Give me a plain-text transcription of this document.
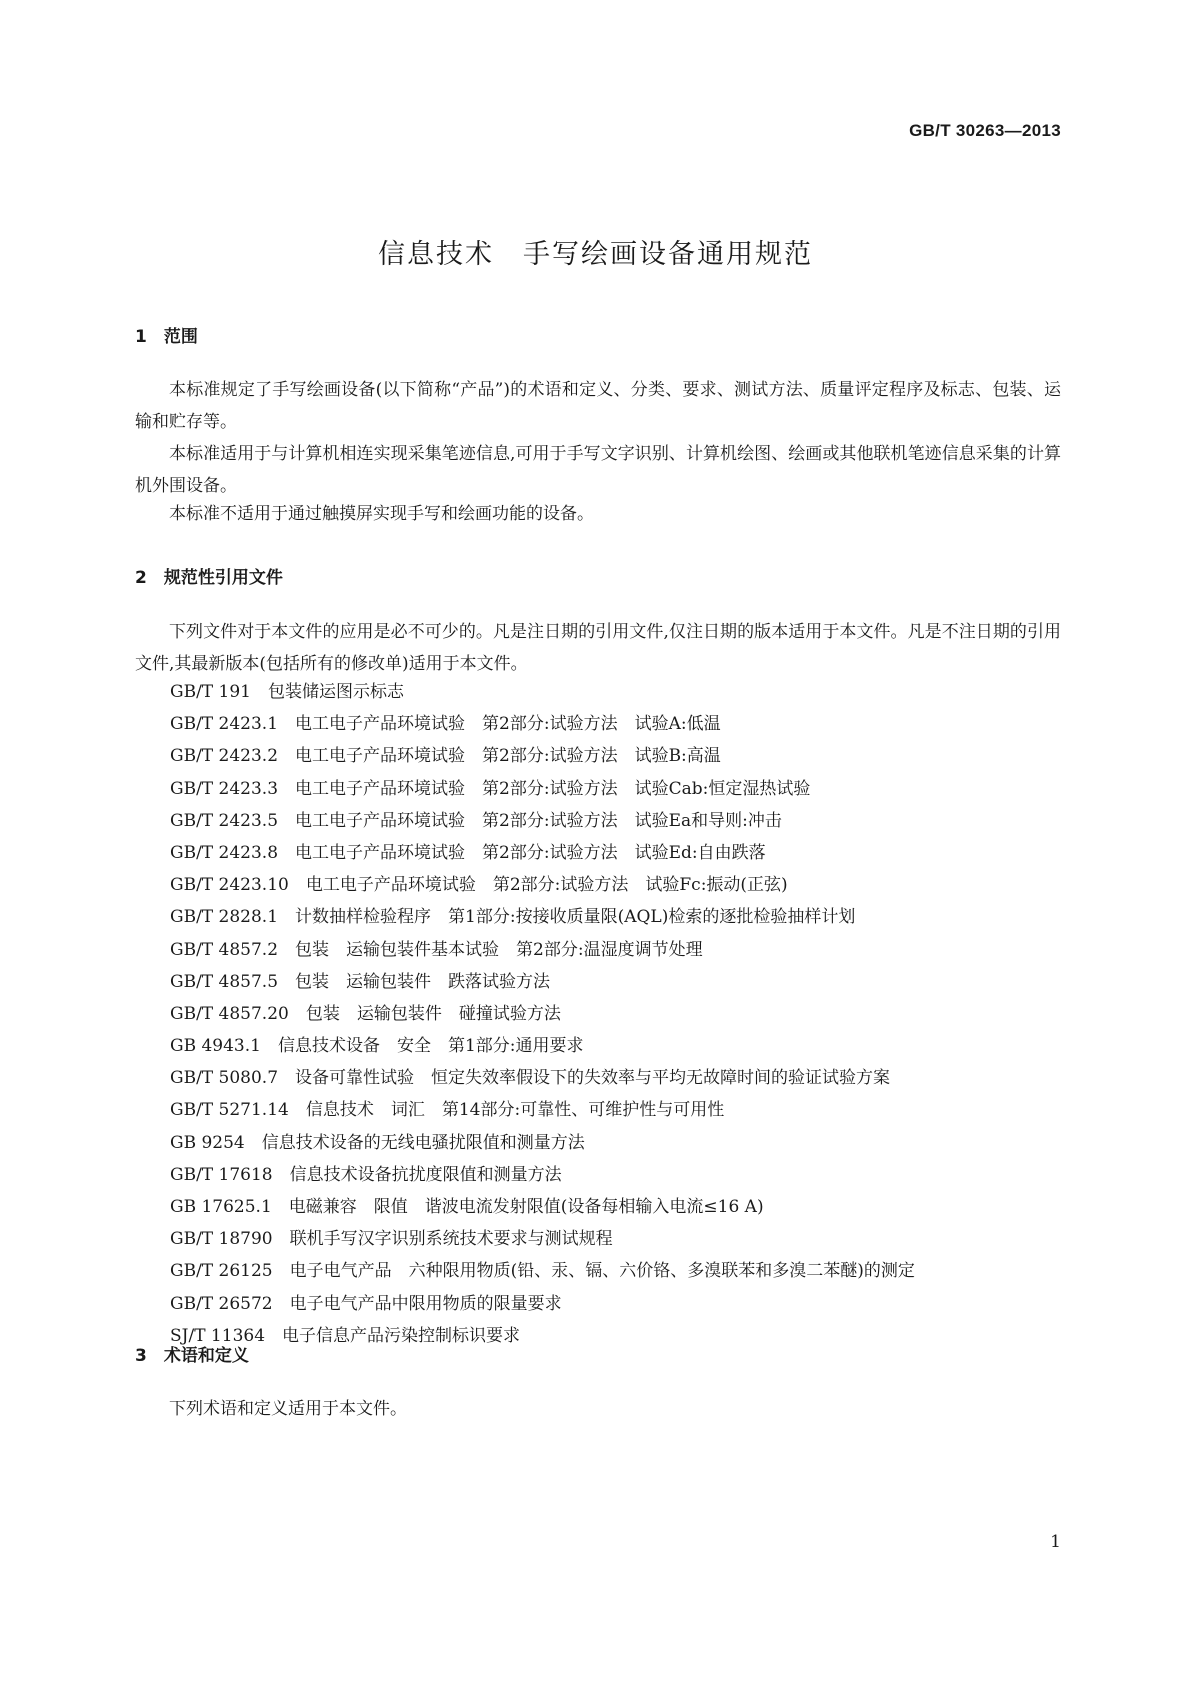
GB/T 30263—2013
信息技术　手写绘画设备通用规范
1　范围
本标准规定了手写绘画设备(以下简称“产品”)的术语和定义、分类、要求、测试方法、质量评定程序及标志、包装、运输和贮存等。
本标准适用于与计算机相连实现采集笔迹信息,可用于手写文字识别、计算机绘图、绘画或其他联机笔迹信息采集的计算机外围设备。
本标准不适用于通过触摸屏实现手写和绘画功能的设备。
2　规范性引用文件
下列文件对于本文件的应用是必不可少的。凡是注日期的引用文件,仅注日期的版本适用于本文件。凡是不注日期的引用文件,其最新版本(包括所有的修改单)适用于本文件。
GB/T 191　包装储运图示标志
GB/T 2423.1　电工电子产品环境试验　第2部分:试验方法　试验A:低温
GB/T 2423.2　电工电子产品环境试验　第2部分:试验方法　试验B:高温
GB/T 2423.3　电工电子产品环境试验　第2部分:试验方法　试验Cab:恒定湿热试验
GB/T 2423.5　电工电子产品环境试验　第2部分:试验方法　试验Ea和导则:冲击
GB/T 2423.8　电工电子产品环境试验　第2部分:试验方法　试验Ed:自由跌落
GB/T 2423.10　电工电子产品环境试验　第2部分:试验方法　试验Fc:振动(正弦)
GB/T 2828.1　计数抽样检验程序　第1部分:按接收质量限(AQL)检索的逐批检验抽样计划
GB/T 4857.2　包装　运输包装件基本试验　第2部分:温湿度调节处理
GB/T 4857.5　包装　运输包装件　跌落试验方法
GB/T 4857.20　包装　运输包装件　碰撞试验方法
GB 4943.1　信息技术设备　安全　第1部分:通用要求
GB/T 5080.7　设备可靠性试验　恒定失效率假设下的失效率与平均无故障时间的验证试验方案
GB/T 5271.14　信息技术　词汇　第14部分:可靠性、可维护性与可用性
GB 9254　信息技术设备的无线电骚扰限值和测量方法
GB/T 17618　信息技术设备抗扰度限值和测量方法
GB 17625.1　电磁兼容　限值　谐波电流发射限值(设备每相输入电流≤16 A)
GB/T 18790　联机手写汉字识别系统技术要求与测试规程
GB/T 26125　电子电气产品　六种限用物质(铅、汞、镉、六价铬、多溴联苯和多溴二苯醚)的测定
GB/T 26572　电子电气产品中限用物质的限量要求
SJ/T 11364　电子信息产品污染控制标识要求
3　术语和定义
下列术语和定义适用于本文件。
1
